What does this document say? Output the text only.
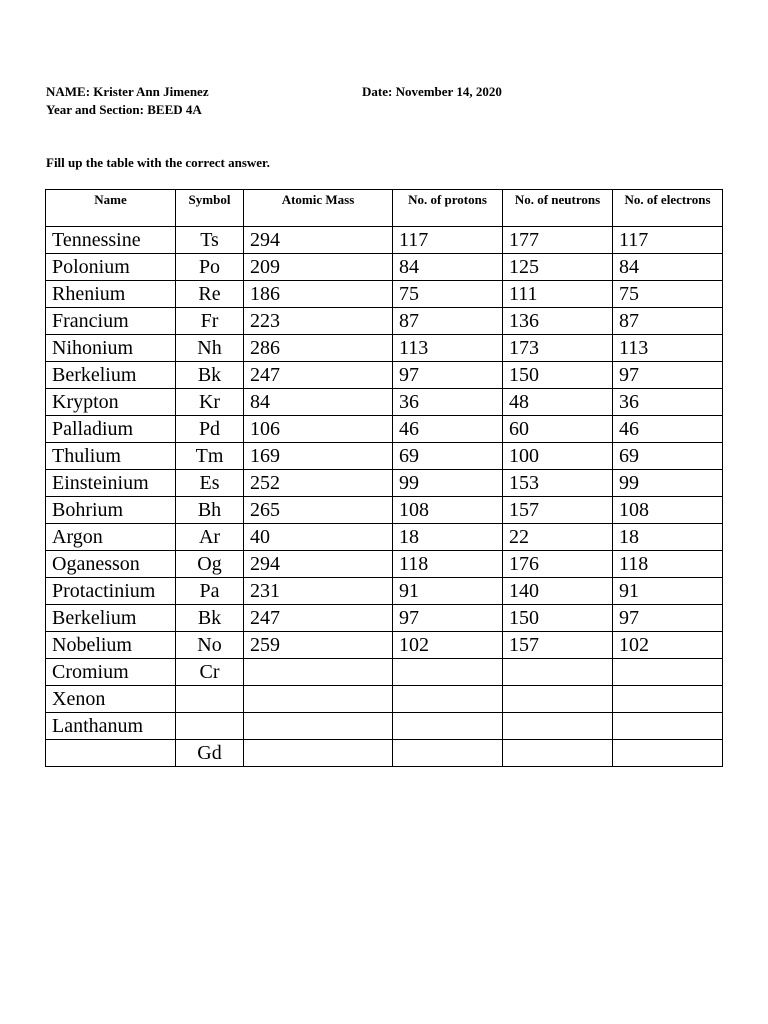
NAME: Krister Ann Jimenez	Date: November 14, 2020
Year and Section: BEED 4A
Fill up the table with the correct answer.
Name	Symbol	Atomic Mass	No. of protons	No. of neutrons	No. of electrons
Tennessine	Ts	294	117	177	117
Polonium	Po	209	84	125	84
Rhenium	Re	186	75	111	75
Francium	Fr	223	87	136	87
Nihonium	Nh	286	113	173	113
Berkelium	Bk	247	97	150	97
Krypton	Kr	84	36	48	36
Palladium	Pd	106	46	60	46
Thulium	Tm	169	69	100	69
Einsteinium	Es	252	99	153	99
Bohrium	Bh	265	108	157	108
Argon	Ar	40	18	22	18
Oganesson	Og	294	118	176	118
Protactinium	Pa	231	91	140	91
Berkelium	Bk	247	97	150	97
Nobelium	No	259	102	157	102
Cromium	Cr				
Xenon					
Lanthanum					
	Gd				
